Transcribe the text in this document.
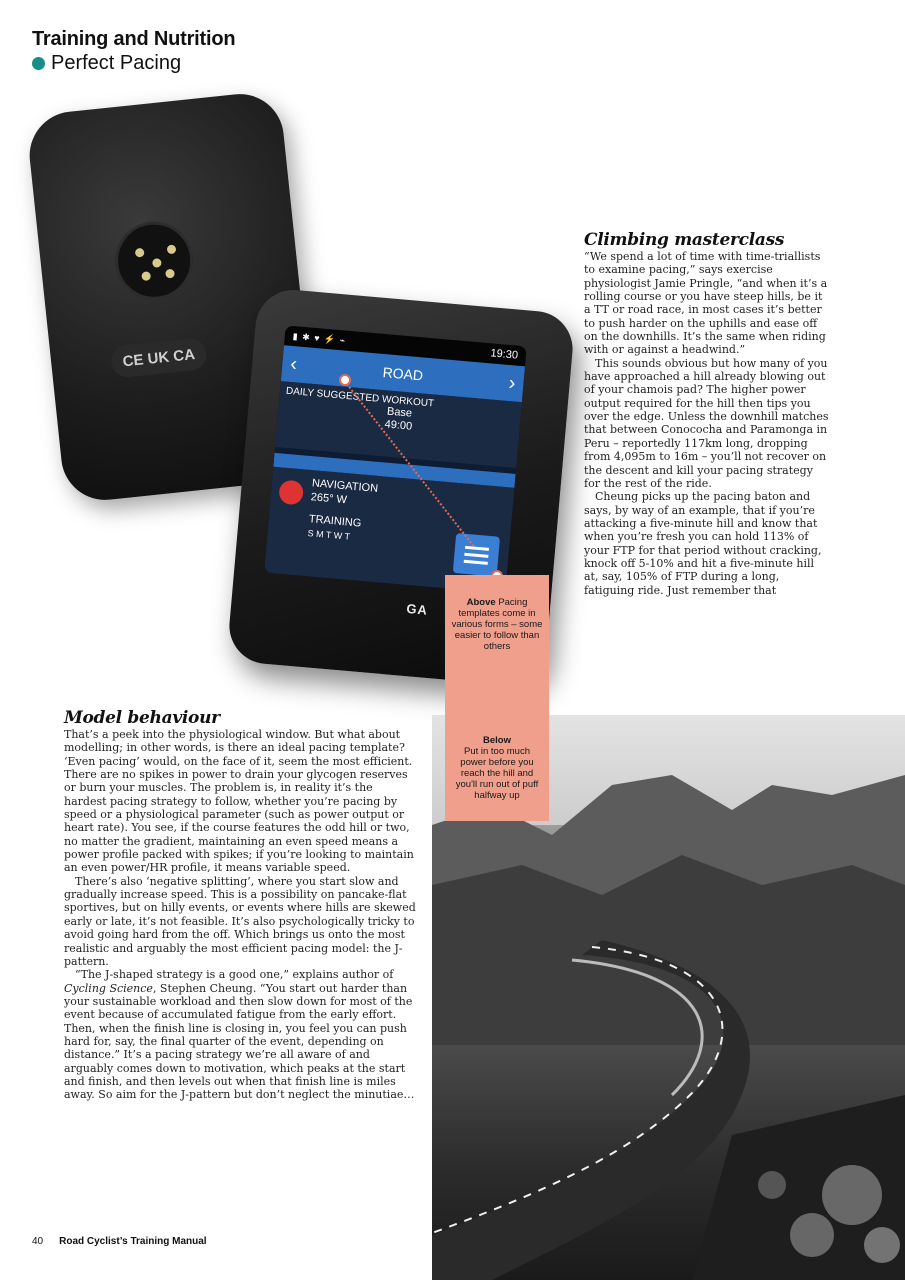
Training and Nutrition
Perfect Pacing
CE UK CA
▮ ✱ ♥ ⚡ ⌁
19:30
‹	ROAD	›
DAILY SUGGESTED WORKOUT
Base
49:00
NAVIGATION
265° W
TRAINING
S M T W T
GA	Above Pacing templates come in various forms – some easier to follow than others
Below
Put in too much power before you reach the hill and you'll run out of puff halfway up
Climbing masterclass

“We spend a lot of time with time-triallists to examine pacing,” says exercise physiologist Jamie Pringle, “and when it’s a rolling course or you have steep hills, be it a TT or road race, in most cases it’s better to push harder on the uphills and ease off on the downhills. It’s the same when riding with or against a headwind.”

This sounds obvious but how many of you have approached a hill already blowing out of your chamois pad? The higher power output required for the hill then tips you over the edge. Unless the downhill matches that between Conococha and Paramonga in Peru – reportedly 117km long, dropping from 4,095m to 16m – you’ll not recover on the descent and kill your pacing strategy for the rest of the ride.

Cheung picks up the pacing baton and says, by way of an example, that if you’re attacking a five-minute hill and know that when you’re fresh you can hold 113% of your FTP for that period without cracking, knock off 5-10% and hit a five-minute hill at, say, 105% of FTP during a long, fatiguing ride. Just remember that

Model behaviour

That’s a peek into the physiological window. But what about modelling; in other words, is there an ideal pacing template? ‘Even pacing’ would, on the face of it, seem the most efficient. There are no spikes in power to drain your glycogen reserves or burn your muscles. The problem is, in reality it’s the hardest pacing strategy to follow, whether you’re pacing by speed or a physiological parameter (such as power output or heart rate). You see, if the course features the odd hill or two, no matter the gradient, maintaining an even speed means a power profile packed with spikes; if you’re looking to maintain an even power/HR profile, it means variable speed.

There’s also ‘negative splitting’, where you start slow and gradually increase speed. This is a possibility on pancake-flat sportives, but on hilly events, or events where hills are skewed early or late, it’s not feasible. It’s also psychologically tricky to avoid going hard from the off. Which brings us onto the most realistic and arguably the most efficient pacing model: the J-pattern.

“The J-shaped strategy is a good one,” explains author of Cycling Science, Stephen Cheung. “You start out harder than your sustainable workload and then slow down for most of the event because of accumulated fatigue from the early effort. Then, when the finish line is closing in, you feel you can push hard for, say, the final quarter of the event, depending on distance.” It’s a pacing strategy we’re all aware of and arguably comes down to motivation, which peaks at the start and finish, and then levels out when that finish line is miles away. So aim for the J-pattern but don’t neglect the minutiae…

40 Road Cyclist’s Training Manual
